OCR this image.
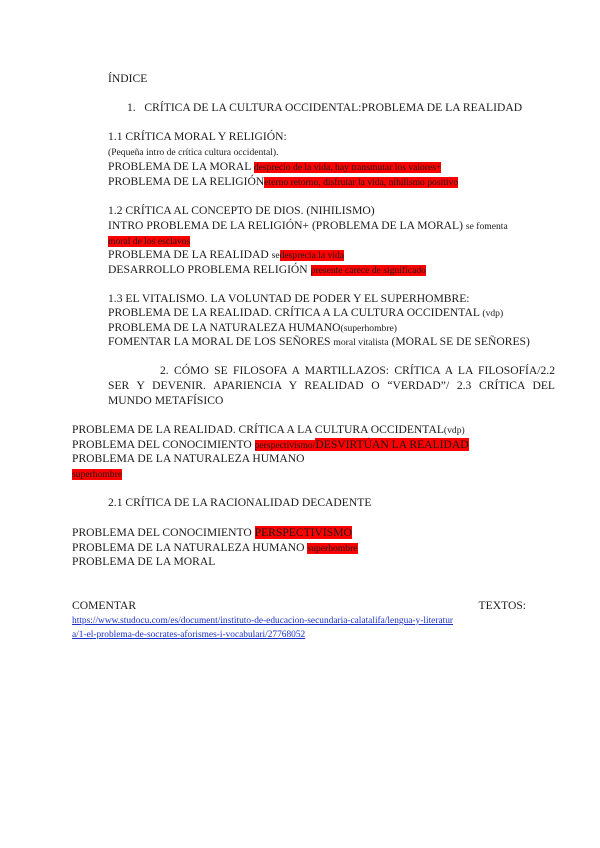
ÍNDICE
1. CRÍTICA DE LA CULTURA OCCIDENTAL:PROBLEMA DE LA REALIDAD
1.1 CRÍTICA MORAL Y RELIGIÓN:
(Pequeña intro de crítica cultura occidental).
PROBLEMA DE LA MORAL desprecio de la vida, hay transmutar los valores+
PROBLEMA DE LA RELIGIÓNeterno retorno, disfrutar la vida, nihilismo positivo
1.2 CRÍTICA AL CONCEPTO DE DIOS. (NIHILISMO)
INTRO PROBLEMA DE LA RELIGIÓN+ (PROBLEMA DE LA MORAL) se fomenta
moral de los esclavos
PROBLEMA DE LA REALIDAD sedesprecia la vida
DESARROLLO PROBLEMA RELIGIÓN presente carece de significado
1.3 EL VITALISMO. LA VOLUNTAD DE PODER Y EL SUPERHOMBRE:
PROBLEMA DE LA REALIDAD. CRÍTICA A LA CULTURA OCCIDENTAL (vdp)
PROBLEMA DE LA NATURALEZA HUMANO(superhombre)
FOMENTAR LA MORAL DE LOS SEÑORES moral vitalista (MORAL SE DE SEÑORES)
2. CÓMO SE FILOSOFA A MARTILLAZOS: CRÍTICA A LA FILOSOFÍA/2.2
SER Y DEVENIR. APARIENCIA Y REALIDAD O “VERDAD”/ 2.3 CRÍTICA DEL
MUNDO METAFÍSICO
PROBLEMA DE LA REALIDAD. CRÍTICA A LA CULTURA OCCIDENTAL(vdp)
PROBLEMA DEL CONOCIMIENTO perspectivismo/DESVIRTÚAN LA REALIDAD
PROBLEMA DE LA NATURALEZA HUMANO
superhombre
2.1 CRÍTICA DE LA RACIONALIDAD DECADENTE
PROBLEMA DEL CONOCIMIENTO PERSPECTIVISMO
PROBLEMA DE LA NATURALEZA HUMANO superhombre
PROBLEMA DE LA MORAL
COMENTAR	TEXTOS:
https://www.studocu.com/es/document/instituto-de-educacion-secundaria-calatalifa/lengua-y-literatur
a/1-el-problema-de-socrates-aforismes-i-vocabulari/27768052
